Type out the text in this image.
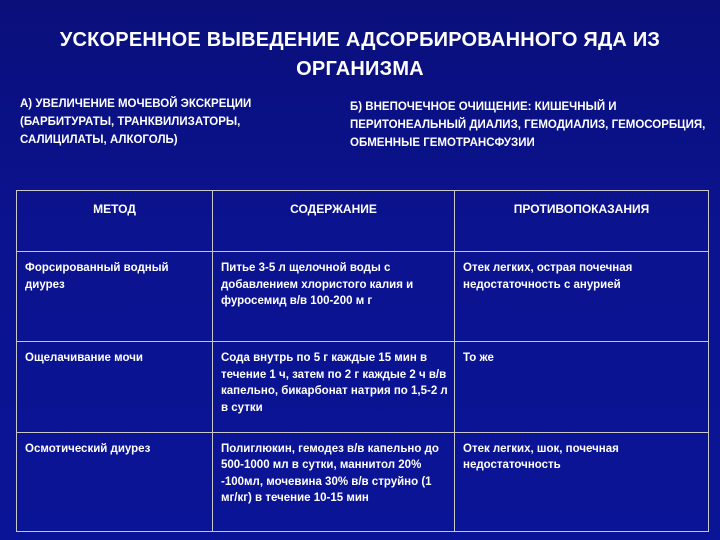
УСКОРЕННОЕ ВЫВЕДЕНИЕ АДСОРБИРОВАННОГО ЯДА ИЗ ОРГАНИЗМА
А) УВЕЛИЧЕНИЕ МОЧЕВОЙ ЭКСКРЕЦИИ (БАРБИТУРАТЫ, ТРАНКВИЛИЗАТОРЫ, САЛИЦИЛАТЫ, АЛКОГОЛЬ)
Б) ВНЕПОЧЕЧНОЕ ОЧИЩЕНИЕ: КИШЕЧНЫЙ И ПЕРИТОНЕАЛЬНЫЙ ДИАЛИЗ, ГЕМОДИАЛИЗ, ГЕМОСОРБЦИЯ, ОБМЕННЫЕ ГЕМОТРАНСФУЗИИ
МЕТОД	СОДЕРЖАНИЕ	ПРОТИВОПОКАЗАНИЯ
Форсированный водный диурез	Питье 3-5 л щелочной воды с добавлением хлористого калия и фуросемид в/в 100-200 м г	Отек легких, острая почечная недостаточность с анурией
Ощелачивание мочи	Сода внутрь по 5 г каждые 15 мин в течение 1 ч, затем по 2 г каждые 2 ч в/в капельно, бикарбонат натрия по 1,5-2 л в сутки	То же
Осмотический диурез	Полиглюкин, гемодез в/в капельно до 500-1000 мл в сутки, маннитол 20% -100мл, мочевина 30% в/в струйно (1 мг/кг) в течение 10-15 мин	Отек легких, шок, почечная недостаточность
